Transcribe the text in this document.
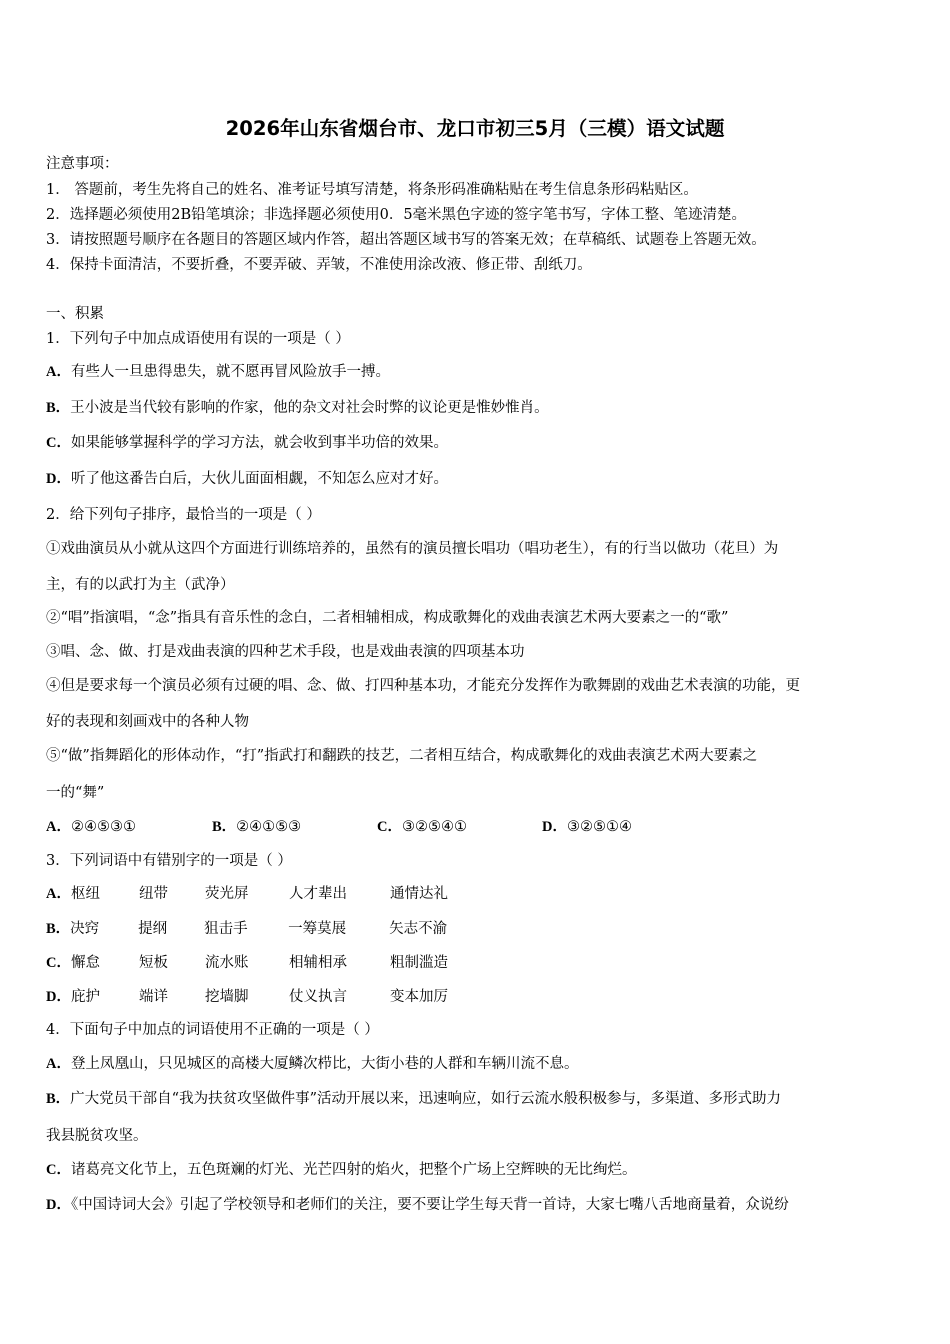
2026年山东省烟台市、龙口市初三5月（三模）语文试题
注意事项：
1． 答题前，考生先将自己的姓名、准考证号填写清楚，将条形码准确粘贴在考生信息条形码粘贴区。
2．选择题必须使用2B铅笔填涂；非选择题必须使用0．5毫米黑色字迹的签字笔书写，字体工整、笔迹清楚。
3．请按照题号顺序在各题目的答题区域内作答，超出答题区域书写的答案无效；在草稿纸、试题卷上答题无效。
4．保持卡面清洁，不要折叠，不要弄破、弄皱，不准使用涂改液、修正带、刮纸刀。
一、积累
1．下列句子中加点成语使用有误的一项是（ ）
A．有些人一旦患得患失，就不愿再冒风险放手一搏。
B．王小波是当代较有影响的作家，他的杂文对社会时弊的议论更是惟妙惟肖。
C．如果能够掌握科学的学习方法，就会收到事半功倍的效果。
D．听了他这番告白后，大伙儿面面相觑，不知怎么应对才好。
2．给下列句子排序，最恰当的一项是（ ）
①戏曲演员从小就从这四个方面进行训练培养的，虽然有的演员擅长唱功（唱功老生），有的行当以做功（花旦）为
主，有的以武打为主（武净）
②“唱”指演唱，“念”指具有音乐性的念白，二者相辅相成，构成歌舞化的戏曲表演艺术两大要素之一的“歌”
③唱、念、做、打是戏曲表演的四种艺术手段，也是戏曲表演的四项基本功
④但是要求每一个演员必须有过硬的唱、念、做、打四种基本功，才能充分发挥作为歌舞剧的戏曲艺术表演的功能，更
好的表现和刻画戏中的各种人物
⑤“做”指舞蹈化的形体动作，“打”指武打和翻跌的技艺，二者相互结合，构成歌舞化的戏曲表演艺术两大要素之
一的“舞”
A．②④⑤③①	B．②④①⑤③	C．③②⑤④①	D．③②⑤①④
3．下列词语中有错别字的一项是（ ）
A．枢纽	纽带	荧光屏	人才辈出	通情达礼
B．决窍	提纲	狙击手	一筹莫展	矢志不渝
C．懈怠	短板	流水账	相辅相承	粗制滥造
D．庇护	端详	挖墙脚	仗义执言	变本加厉
4．下面句子中加点的词语使用不正确的一项是（ ）
A．登上凤凰山，只见城区的高楼大厦鳞次栉比，大街小巷的人群和车辆川流不息。
B．广大党员干部自“我为扶贫攻坚做件事”活动开展以来，迅速响应，如行云流水般积极参与，多渠道、多形式助力
我县脱贫攻坚。
C．诸葛亮文化节上，五色斑斓的灯光、光芒四射的焰火，把整个广场上空辉映的无比绚烂。
D．《中国诗词大会》引起了学校领导和老师们的关注，要不要让学生每天背一首诗，大家七嘴八舌地商量着，众说纷
